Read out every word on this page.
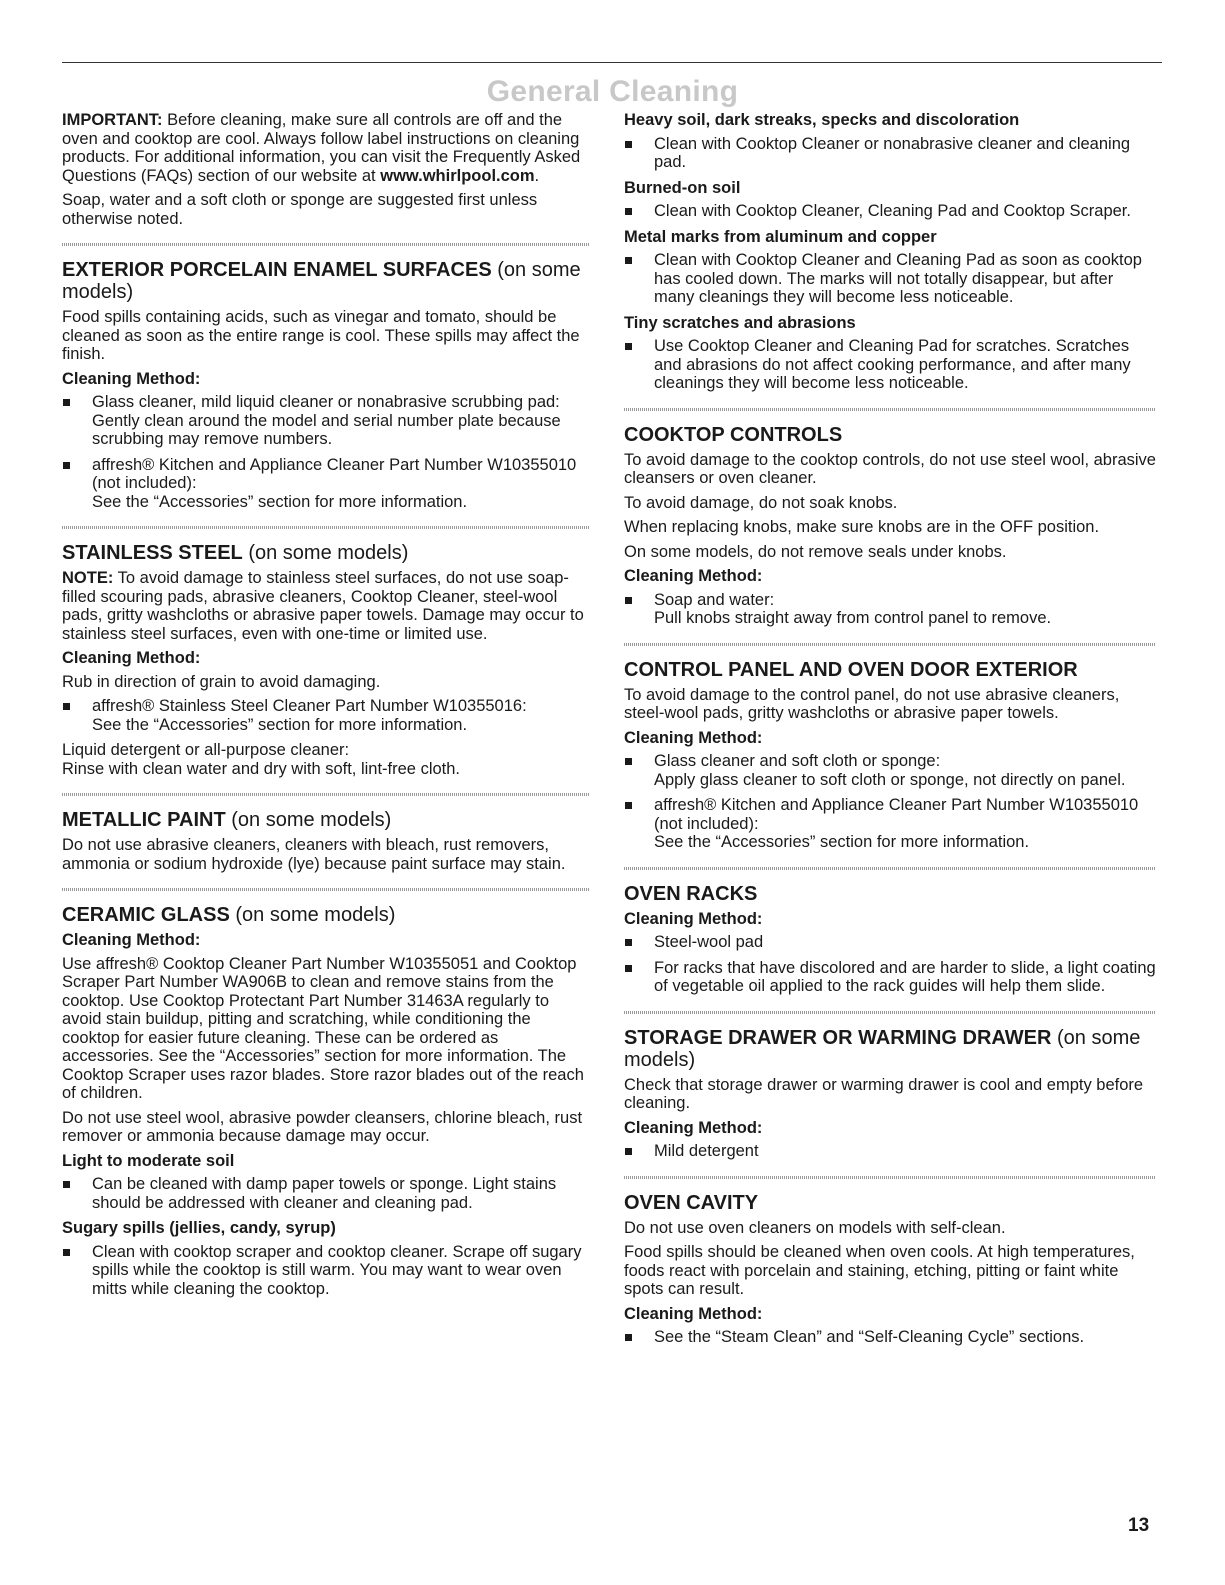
General Cleaning

IMPORTANT: Before cleaning, make sure all controls are off and the oven and cooktop are cool. Always follow label instructions on cleaning products. For additional information, you can visit the Frequently Asked Questions (FAQs) section of our website at www.whirlpool.com.

Soap, water and a soft cloth or sponge are suggested first unless otherwise noted.

EXTERIOR PORCELAIN ENAMEL SURFACES (on some models)

Food spills containing acids, such as vinegar and tomato, should be cleaned as soon as the entire range is cool. These spills may affect the finish.

Cleaning Method:
Glass cleaner, mild liquid cleaner or nonabrasive scrubbing pad:
Gently clean around the model and serial number plate because scrubbing may remove numbers.
affresh® Kitchen and Appliance Cleaner Part Number W10355010 (not included):
See the “Accessories” section for more information.
STAINLESS STEEL (on some models)

NOTE: To avoid damage to stainless steel surfaces, do not use soap-filled scouring pads, abrasive cleaners, Cooktop Cleaner, steel-wool pads, gritty washcloths or abrasive paper towels. Damage may occur to stainless steel surfaces, even with one-time or limited use.

Cleaning Method:

Rub in direction of grain to avoid damaging.

affresh® Stainless Steel Cleaner Part Number W10355016:
See the “Accessories” section for more information.

Liquid detergent or all-purpose cleaner:
Rinse with clean water and dry with soft, lint-free cloth.

METALLIC PAINT (on some models)

Do not use abrasive cleaners, cleaners with bleach, rust removers, ammonia or sodium hydroxide (lye) because paint surface may stain.

CERAMIC GLASS (on some models)
Cleaning Method:

Use affresh® Cooktop Cleaner Part Number W10355051 and Cooktop Scraper Part Number WA906B to clean and remove stains from the cooktop. Use Cooktop Protectant Part Number 31463A regularly to avoid stain buildup, pitting and scratching, while conditioning the cooktop for easier future cleaning. These can be ordered as accessories. See the “Accessories” section for more information. The Cooktop Scraper uses razor blades. Store razor blades out of the reach of children.

Do not use steel wool, abrasive powder cleansers, chlorine bleach, rust remover or ammonia because damage may occur.

Light to moderate soil
Can be cleaned with damp paper towels or sponge. Light stains should be addressed with cleaner and cleaning pad.
Sugary spills (jellies, candy, syrup)
Clean with cooktop scraper and cooktop cleaner. Scrape off sugary spills while the cooktop is still warm. You may want to wear oven mitts while cleaning the cooktop.
Heavy soil, dark streaks, specks and discoloration
Clean with Cooktop Cleaner or nonabrasive cleaner and cleaning pad.
Burned-on soil
Clean with Cooktop Cleaner, Cleaning Pad and Cooktop Scraper.
Metal marks from aluminum and copper
Clean with Cooktop Cleaner and Cleaning Pad as soon as cooktop has cooled down. The marks will not totally disappear, but after many cleanings they will become less noticeable.
Tiny scratches and abrasions
Use Cooktop Cleaner and Cleaning Pad for scratches. Scratches and abrasions do not affect cooking performance, and after many cleanings they will become less noticeable.
COOKTOP CONTROLS

To avoid damage to the cooktop controls, do not use steel wool, abrasive cleansers or oven cleaner.

To avoid damage, do not soak knobs.

When replacing knobs, make sure knobs are in the OFF position.

On some models, do not remove seals under knobs.

Cleaning Method:
Soap and water:
Pull knobs straight away from control panel to remove.
CONTROL PANEL AND OVEN DOOR EXTERIOR

To avoid damage to the control panel, do not use abrasive cleaners, steel-wool pads, gritty washcloths or abrasive paper towels.

Cleaning Method:
Glass cleaner and soft cloth or sponge:
Apply glass cleaner to soft cloth or sponge, not directly on panel.
affresh® Kitchen and Appliance Cleaner Part Number W10355010 (not included):
See the “Accessories” section for more information.
OVEN RACKS
Cleaning Method:
Steel-wool pad
For racks that have discolored and are harder to slide, a light coating of vegetable oil applied to the rack guides will help them slide.
STORAGE DRAWER OR WARMING DRAWER (on some models)

Check that storage drawer or warming drawer is cool and empty before cleaning.

Cleaning Method:
Mild detergent
OVEN CAVITY

Do not use oven cleaners on models with self-clean.

Food spills should be cleaned when oven cools. At high temperatures, foods react with porcelain and staining, etching, pitting or faint white spots can result.

Cleaning Method:
See the “Steam Clean” and “Self-Cleaning Cycle” sections.
13
